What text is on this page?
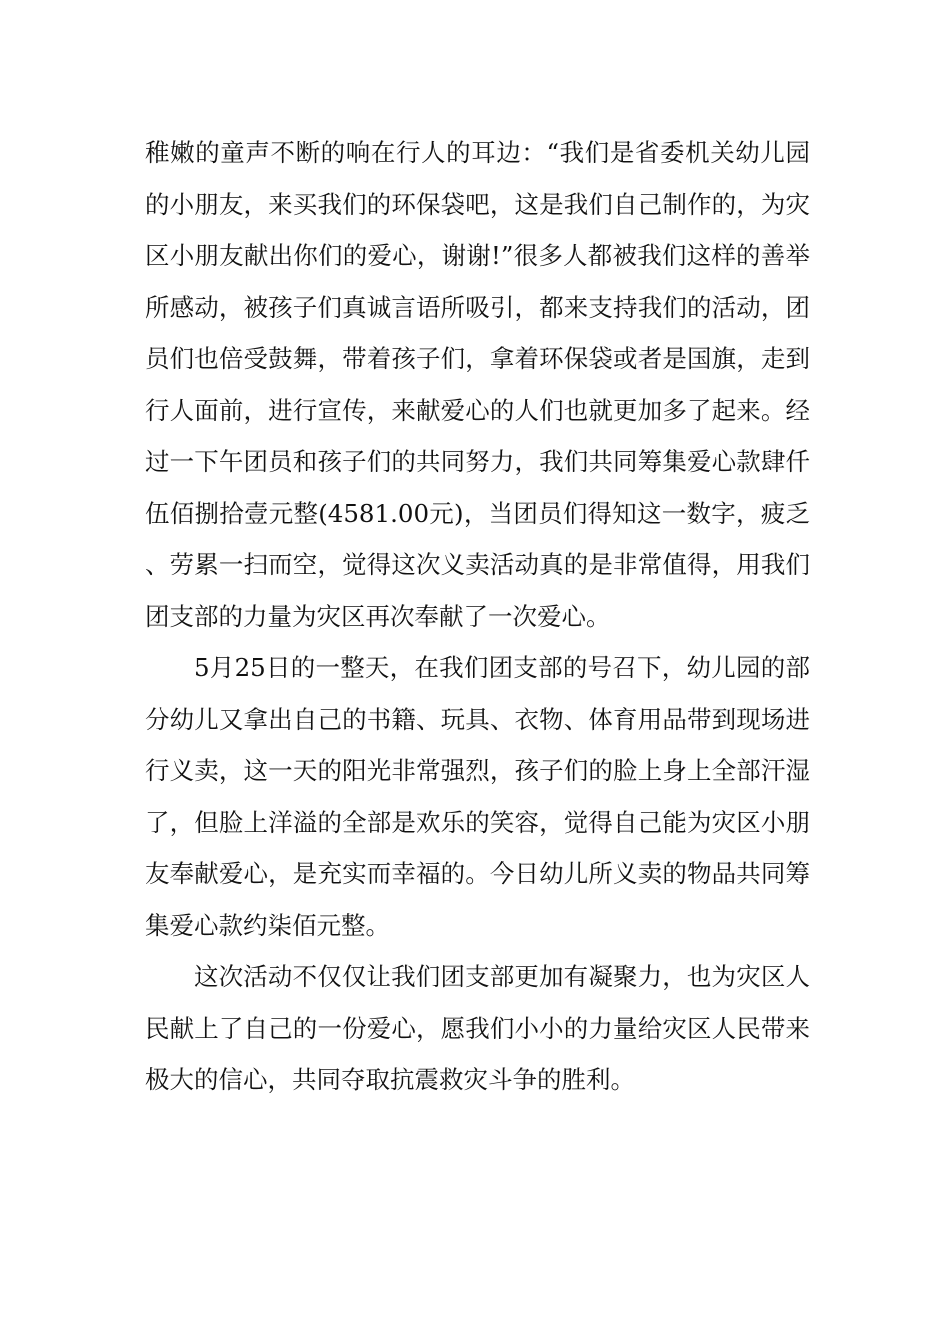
稚嫩的童声不断的响在行人的耳边：“我们是省委机关幼儿园的小朋友，来买我们的环保袋吧，这是我们自己制作的，为灾区小朋友献出你们的爱心，谢谢!”很多人都被我们这样的善举所感动，被孩子们真诚言语所吸引，都来支持我们的活动，团员们也倍受鼓舞，带着孩子们，拿着环保袋或者是国旗，走到行人面前，进行宣传，来献爱心的人们也就更加多了起来。经过一下午团员和孩子们的共同努力，我们共同筹集爱心款肆仟伍佰捌拾壹元整(4581.00元)，当团员们得知这一数字，疲乏、劳累一扫而空，觉得这次义卖活动真的是非常值得，用我们团支部的力量为灾区再次奉献了一次爱心。

5月25日的一整天，在我们团支部的号召下，幼儿园的部分幼儿又拿出自己的书籍、玩具、衣物、体育用品带到现场进行义卖，这一天的阳光非常强烈，孩子们的脸上身上全部汗湿了，但脸上洋溢的全部是欢乐的笑容，觉得自己能为灾区小朋友奉献爱心，是充实而幸福的。今日幼儿所义卖的物品共同筹集爱心款约柒佰元整。

这次活动不仅仅让我们团支部更加有凝聚力，也为灾区人民献上了自己的一份爱心，愿我们小小的力量给灾区人民带来极大的信心，共同夺取抗震救灾斗争的胜利。
